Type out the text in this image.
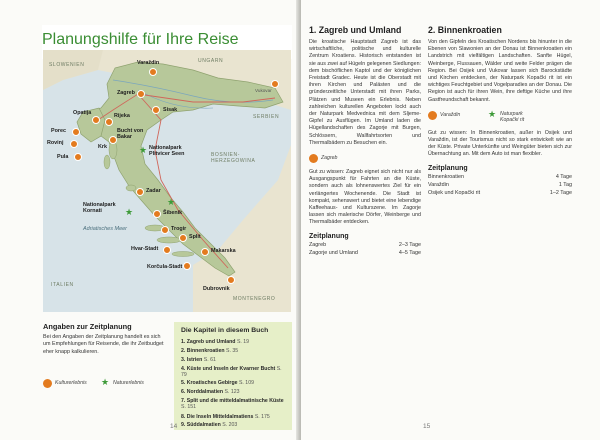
Planungshilfe für Ihre Reise
UNGARN
SLOWENIEN
BOSNIEN-HERZEGOWINA
SERBIEN
ITALIEN
MONTENEGRO
Adriatisches Meer
Zagreb
Varaždin
Sisak
Opatija
Porec
Rovinj
Pula
Rijeka
Krk
Bucht von Bakar
★ Nationalpark Plitvicer Seen
Zadar
★
Nationalpark Kornati	Šibenik
★
Trogir
Split
Hvar-Stadt	Makarska
Korčula-Stadt
Dubrovnik
Vukovar
Angaben zur Zeitplanung
Bei den Angaben der Zeitplanung handelt es sich um Empfehlungen für Reisende, die ihr Zeitbudget eher knapp kalkulieren.
Kulturerlebnis ★ Naturerlebnis
Die Kapitel in diesem Buch
1. Zagreb und Umland S. 19
2. Binnenkroatien S. 35
3. Istrien S. 61
4. Küste und Inseln der Kvarner Bucht S. 79
5. Kroatisches Gebirge S. 109
6. Norddalmatien S. 123
7. Split und die mitteldalmatinische Küste S. 151
8. Die Inseln Mitteldalmatiens S. 175
9. Süddalmatien S. 203
14
1. Zagreb und Umland

Die kroatische Hauptstadt Zagreb ist das wirtschaftliche, politische und kulturelle Zentrum Kroatiens. Historisch entstanden ist sie aus zwei auf Hügeln gelegenen Siedlungen: dem bischöflichen Kaptol und der königlichen Freistadt Gradec. Heute ist die Oberstadt mit ihren Kirchen und Palästen und die gründerzeitliche Unterstadt mit ihren Parks, Plätzen und Museen ein Erlebnis. Neben zahlreichen kulturellen Angeboten lockt auch der Naturpark Medvednica mit dem Sljeme-Gipfel zu Ausflügen. Im Umland laden die Hügellandschaften des Zagorje mit Burgen, Schlössern, Wallfahrtsorten und Thermalbädern zu Besuchen ein.

Zagreb

Gut zu wissen: Zagreb eignet sich nicht nur als Ausgangspunkt für Fahrten an die Küste, sondern auch als lohnenswertes Ziel für ein verlängertes Wochenende. Die Stadt ist kompakt, sehenswert und bietet eine lebendige Kaffeehaus- und Kulturszene. Im Zagorje lassen sich malerische Dörfer, Weinberge und Thermalbäder entdecken.

Zeitplanung
Zagreb	2–3 Tage
Zagorje und Umland	4–5 Tage
2. Binnenkroatien

Von den Gipfeln des Kroatischen Nordens bis hinunter in die Ebenen von Slawonien an der Donau ist Binnenkroatien ein Landstrich mit vielfältigen Landschaften. Sanfte Hügel, Weinberge, Flussauen, Wälder und weite Felder prägen die Region. Bei Osijek und Vukovar lassen sich Barockstädte und Kirchen entdecken, der Naturpark Kopački rit ist ein wichtiges Feuchtgebiet und Vogelparadies an der Donau. Die Region ist auch für ihren Wein, ihre deftige Küche und ihre Gastfreundschaft bekannt.

Varaždin	★ Naturpark Kopački rit

Gut zu wissen: In Binnenkroatien, außer in Osijek und Varaždin, ist der Tourismus nicht so stark entwickelt wie an der Küste. Private Unterkünfte und Weingüter bieten sich zur Übernachtung an. Mit dem Auto ist man flexibler.

Zeitplanung
Binnenkroatien	4 Tage
Varaždin	1 Tag
Osijek und Kopački rit	1–2 Tage
15
